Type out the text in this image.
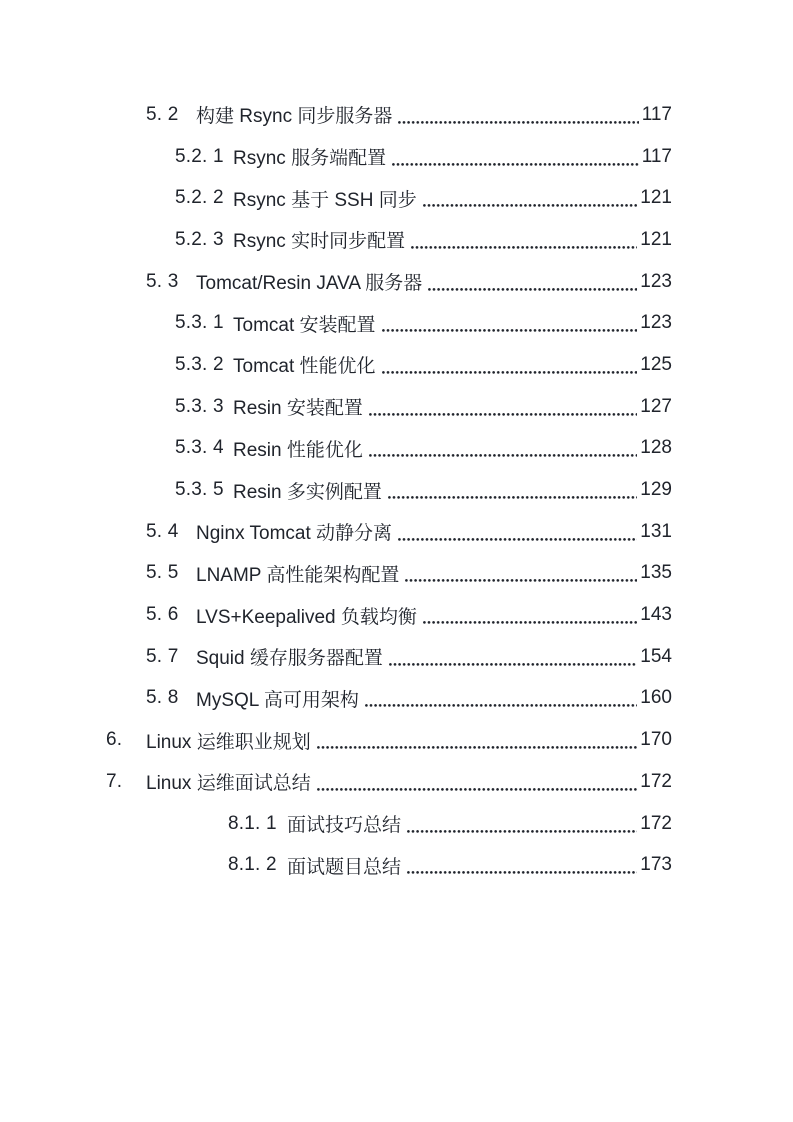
5. 2 构建 Rsync 同步服务器	117
5.2. 1 Rsync 服务端配置	117
5.2. 2 Rsync 基于 SSH 同步	121
5.2. 3 Rsync 实时同步配置	121
5. 3 Tomcat/Resin JAVA 服务器	123
5.3. 1 Tomcat 安装配置	123
5.3. 2 Tomcat 性能优化	125
5.3. 3 Resin 安装配置	127
5.3. 4 Resin 性能优化	128
5.3. 5 Resin 多实例配置	129
5. 4 Nginx Tomcat 动静分离	131
5. 5 LNAMP 高性能架构配置	135
5. 6 LVS+Keepalived 负载均衡	143
5. 7 Squid 缓存服务器配置	154
5. 8 MySQL 高可用架构	160
6.	Linux 运维职业规划	170
7.	Linux 运维面试总结	172
8.1. 1 面试技巧总结	172
8.1. 2 面试题目总结	173
